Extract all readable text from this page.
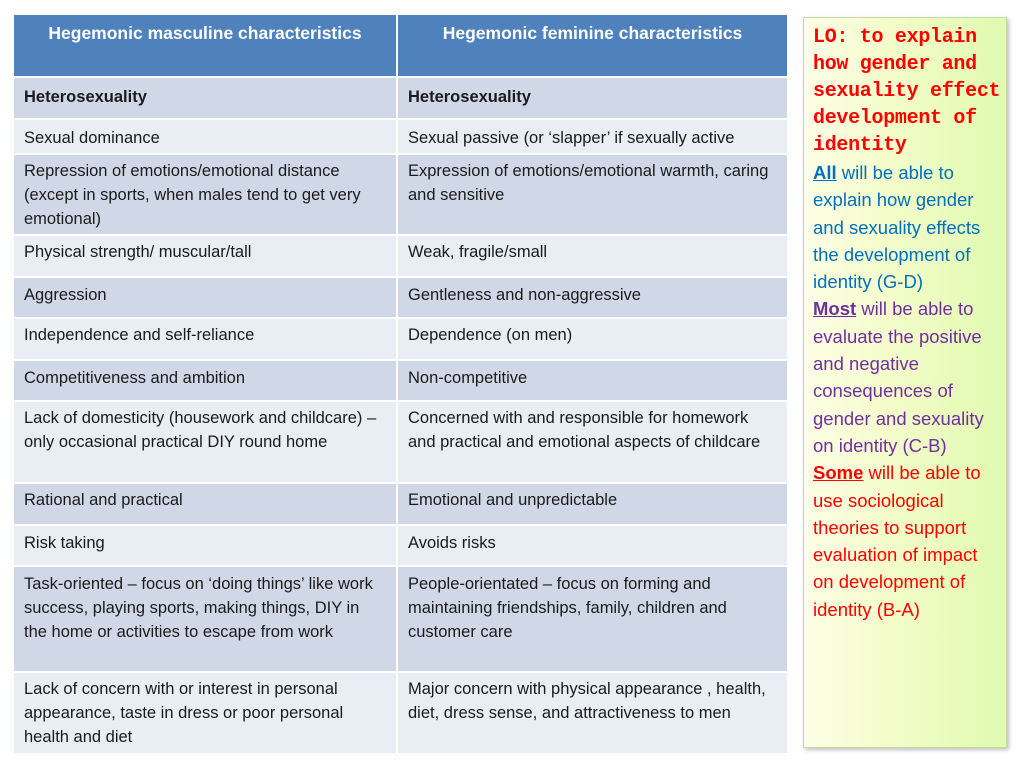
Hegemonic masculine characteristics	Hegemonic feminine characteristics
Heterosexuality	Heterosexuality
Sexual dominance	Sexual passive (or ‘slapper’ if sexually active
Repression of emotions/emotional distance (except in sports, when males tend to get very emotional)	Expression of emotions/emotional warmth, caring and sensitive
Physical strength/ muscular/tall	Weak, fragile/small
Aggression	Gentleness and non-aggressive
Independence and self-reliance	Dependence (on men)
Competitiveness and ambition	Non-competitive
Lack of domesticity (housework and childcare) – only occasional practical DIY round home	Concerned with and responsible for homework and practical and emotional aspects of childcare
Rational and practical	Emotional and unpredictable
Risk taking	Avoids risks
Task-oriented – focus on ‘doing things’ like work success, playing sports, making things, DIY in the home or activities to escape from work	People-orientated – focus on forming and maintaining friendships, family, children and customer care
Lack of concern with or interest in personal appearance, taste in dress or poor personal health and diet	Major concern with physical appearance , health, diet, dress sense, and attractiveness to men
LO: to explain how gender and sexuality effect development of identity
All will be able to explain how gender and sexuality effects the development of identity (G-D)
Most will be able to evaluate the positive and negative consequences of gender and sexuality on identity (C-B)
Some will be able to use sociological theories to support evaluation of impact on development of identity (B-A)
